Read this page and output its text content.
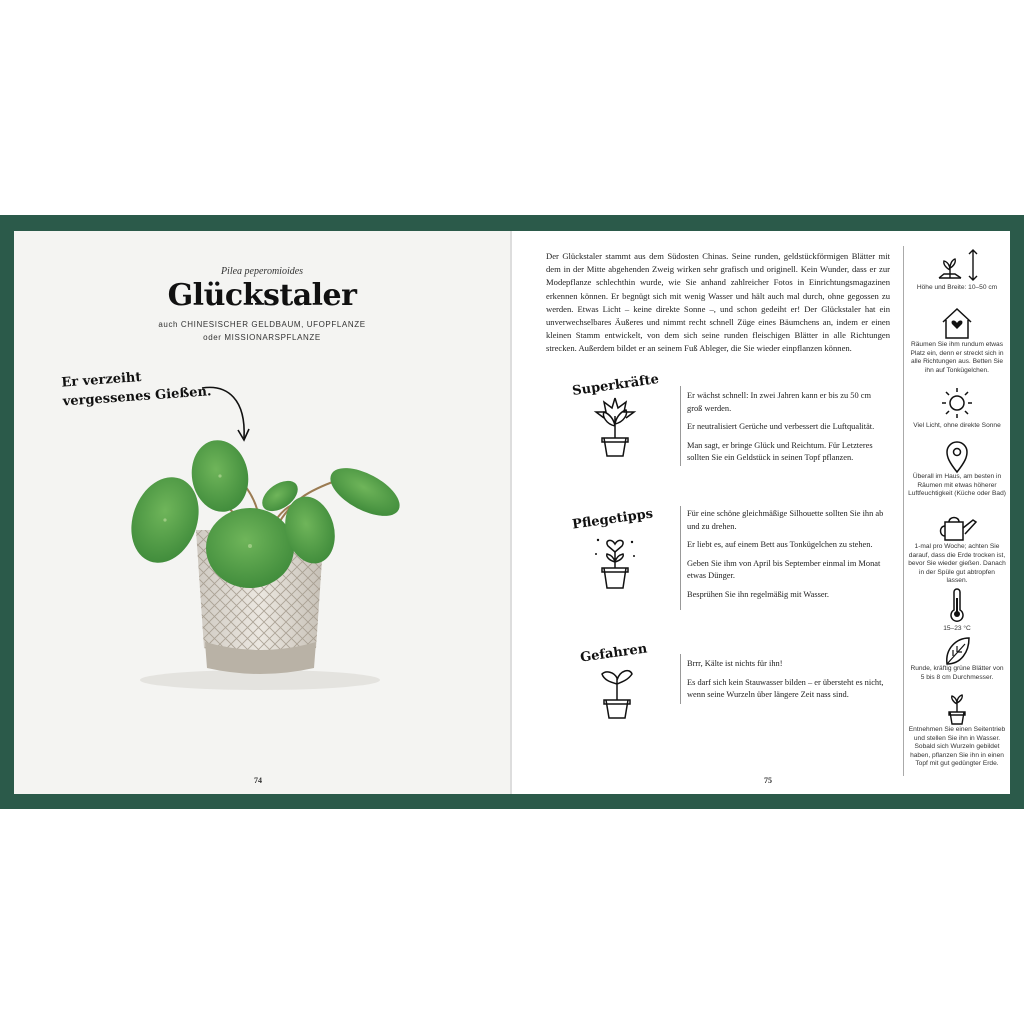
Pilea peperomioides
Glückstaler
auch CHINESISCHER GELDBAUM, UFOPFLANZE
oder MISSIONARSPFLANZE
Er verzeiht vergessenes Gießen.
74
Der Glückstaler stammt aus dem Südosten Chinas. Seine runden, geldstückförmigen Blätter mit dem in der Mitte abgehenden Zweig wirken sehr grafisch und originell. Kein Wunder, dass er zur Modepflanze schlechthin wurde, wie Sie anhand zahlreicher Fotos in Einrichtungsmagazinen erkennen können. Er begnügt sich mit wenig Wasser und hält auch mal durch, ohne gegossen zu werden. Etwas Licht – keine direkte Sonne –, und schon gedeiht er! Der Glückstaler hat ein unverwechselbares Äußeres und nimmt recht schnell Züge eines Bäumchens an, indem er einen kleinen Stamm entwickelt, von dem sich seine runden fleischigen Blätter in alle Richtungen strecken. Außerdem bildet er an seinem Fuß Ableger, die Sie wieder einpflanzen können.
Superkräfte	Er wächst schnell: In zwei Jahren kann er bis zu 50 cm groß werden.

Er neutralisiert Gerüche und verbessert die Luftqualität.

Man sagt, er bringe Glück und Reichtum. Für Letzteres sollten Sie ein Geldstück in seinen Topf pflanzen.

Pflegetipps	Für eine schöne gleichmäßige Silhouette sollten Sie ihn ab und zu drehen.

Er liebt es, auf einem Bett aus Tonkügelchen zu stehen.

Geben Sie ihm von April bis September einmal im Monat etwas Dünger.

Besprühen Sie ihn regelmäßig mit Wasser.

Gefahren	Brrr, Kälte ist nichts für ihn!

Es darf sich kein Stauwasser bilden – er übersteht es nicht, wenn seine Wurzeln über längere Zeit nass sind.

75
Höhe und Breite: 10–50 cm
Räumen Sie ihm rundum etwas Platz ein, denn er streckt sich in alle Richtungen aus. Betten Sie ihn auf Tonkügelchen.
Viel Licht, ohne direkte Sonne
Überall im Haus, am besten in Räumen mit etwas höherer Luftfeuchtigkeit (Küche oder Bad)
1-mal pro Woche; achten Sie darauf, dass die Erde trocken ist, bevor Sie wieder gießen. Danach in der Spüle gut abtropfen lassen.
15–23 °C
Runde, kräftig grüne Blätter von 5 bis 8 cm Durchmesser.
Entnehmen Sie einen Seitentrieb und stellen Sie ihn in Wasser. Sobald sich Wurzeln gebildet haben, pflanzen Sie ihn in einen Topf mit gut gedüngter Erde.
